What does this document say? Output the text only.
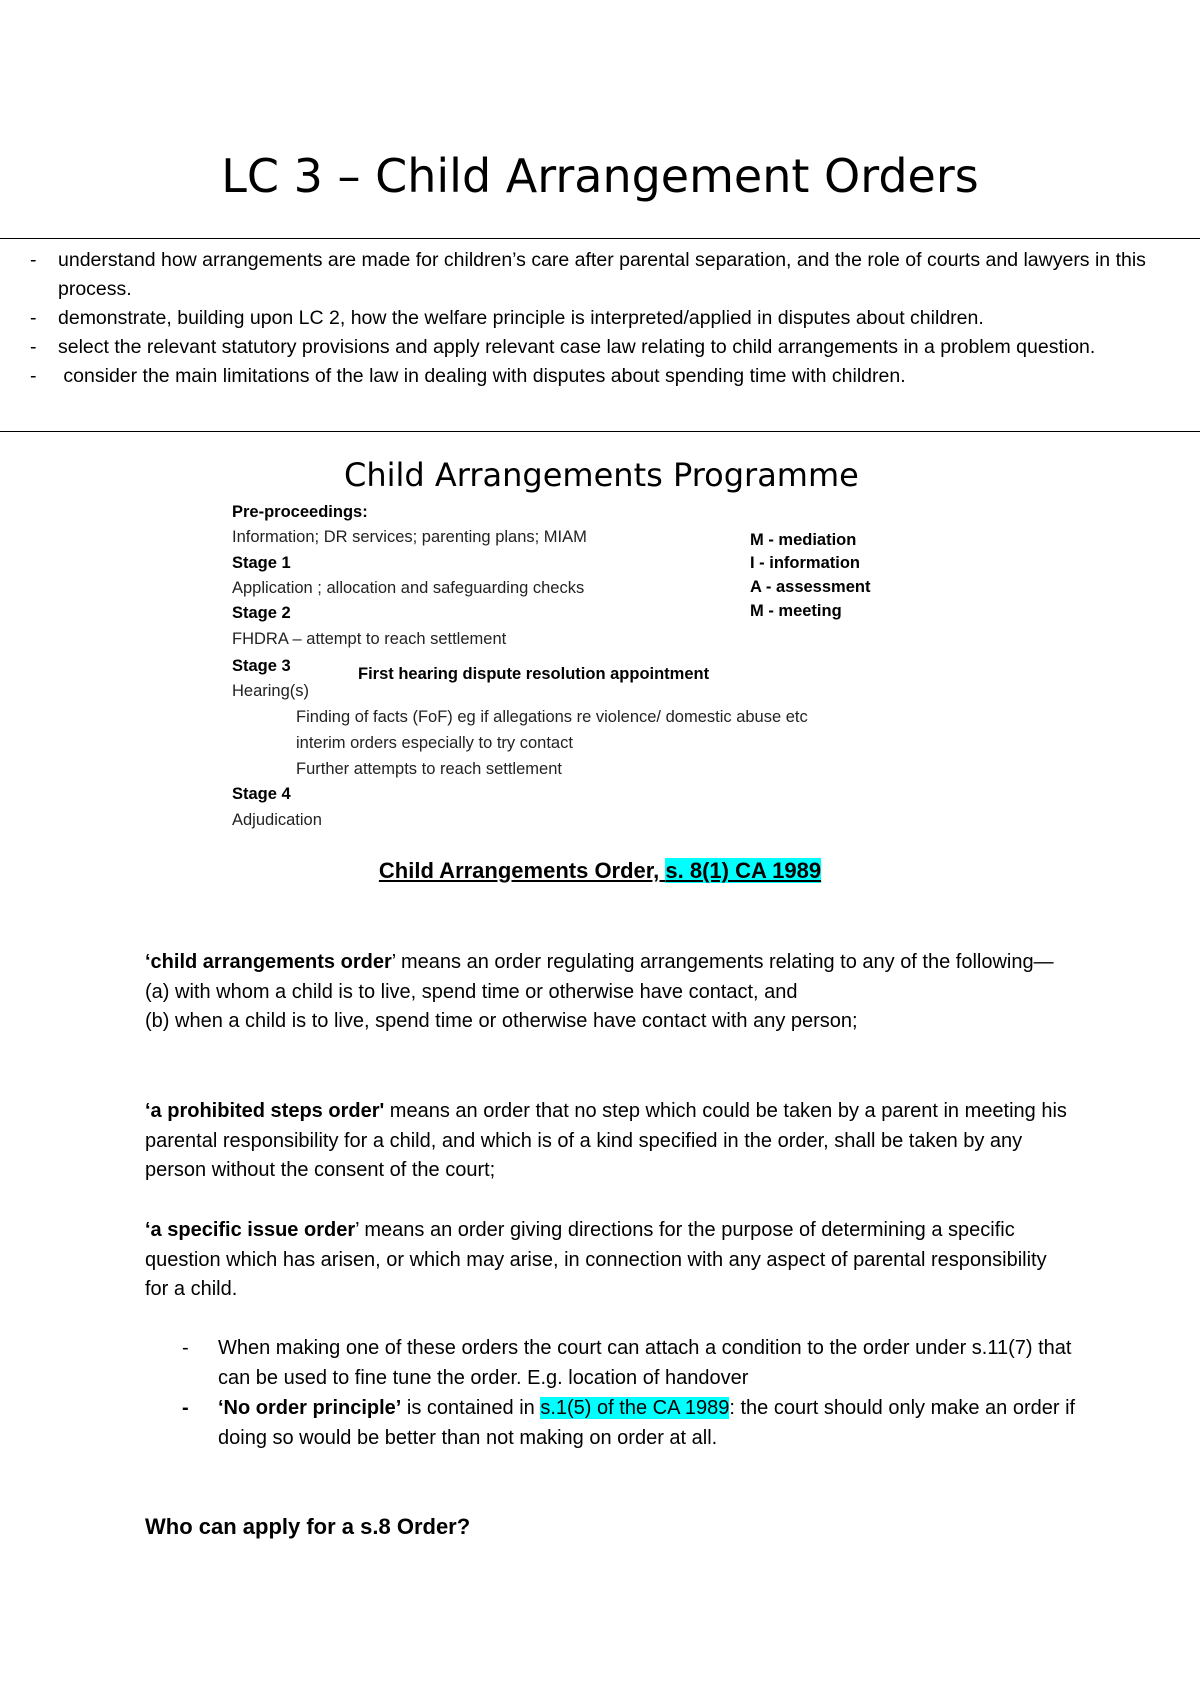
LC 3 – Child Arrangement Orders
- understand how arrangements are made for children’s care after parental separation, and the role of courts and lawyers in this process.
- demonstrate, building upon LC 2, how the welfare principle is interpreted/applied in disputes about children.
- select the relevant statutory provisions and apply relevant case law relating to child arrangements in a problem question.
- consider the main limitations of the law in dealing with disputes about spending time with children.
Child Arrangements Programme
Pre-proceedings:
Information; DR services; parenting plans; MIAM
Stage 1
Application ; allocation and safeguarding checks
Stage 2
FHDRA – attempt to reach settlement
Stage 3	First hearing dispute resolution appointment
Hearing(s)
Finding of facts (FoF) eg if allegations re violence/ domestic abuse etc
interim orders especially to try contact
Further attempts to reach settlement
Stage 4
Adjudication
M - mediation
I - information
A - assessment
M - meeting
Child Arrangements Order, s. 8(1) CA 1989

‘child arrangements order’ means an order regulating arrangements relating to any of the following—

(a) with whom a child is to live, spend time or otherwise have contact, and

(b) when a child is to live, spend time or otherwise have contact with any person;

‘a prohibited steps order' means an order that no step which could be taken by a parent in meeting his parental responsibility for a child, and which is of a kind specified in the order, shall be taken by any person without the consent of the court;

‘a specific issue order’ means an order giving directions for the purpose of determining a specific question which has arisen, or which may arise, in connection with any aspect of parental responsibility for a child.

- When making one of these orders the court can attach a condition to the order under s.11(7) that can be used to fine tune the order. E.g. location of handover
- ‘No order principle’ is contained in s.1(5) of the CA 1989: the court should only make an order if doing so would be better than not making on order at all.
Who can apply for a s.8 Order?
